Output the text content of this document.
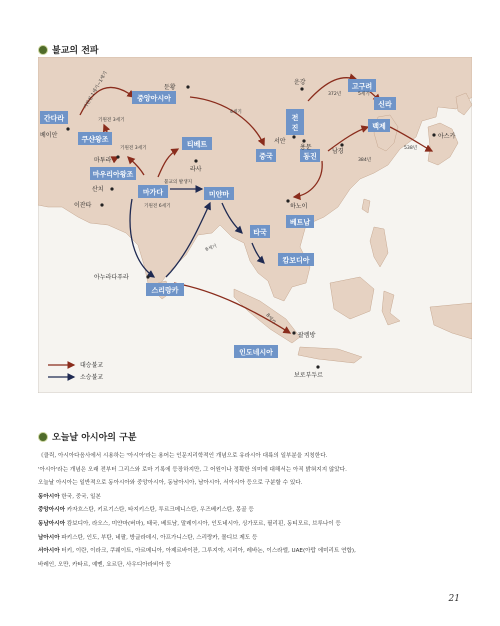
불교의 전파
중앙아시아
간다라
쿠샨왕조
마우리아왕조
티베트
마가다	미얀마
스리랑카
전
진
중국	동진
고구려
신라
백제
타국
베트남
캄보디아
인도네시아
둔황
베이안
마투라
라사
산치
이잔타
아누라다푸라
서안
운강
용문
남경
아스카
하노이
팔렘방
보로부두르
기원전 1세기~1세기
기원전 3세기
기원전 3세기
4세기
372년	5세기
384년
538년
불교의 발생지
기원전 6세기
6세기
8세기
대승불교
소승불교
오늘날 아시아의 구분

《클릭, 아시아다음사에서 시용하는 '아시아'라는 용어는 인문지리학적인 개념으로 유라시아 대륙의 일부분을 지칭한다.

'아시아'라는 개념은 오래 전부터 그리스와 로마 기록에 등장하지만, 그 어원이나 정확한 의미에 대해서는 아직 밝혀지지 않았다.

오늘날 아시아는 일반적으로 동아시아와 중앙아시아, 동남아시아, 남아시아, 서아시아 등으로 구분할 수 있다.

동아시아 한국, 중국, 일본

중앙아시아 카자흐스탄, 키르기스탄, 타지키스탄, 투르크메니스탄, 우즈베키스탄, 몽골 등

동남아시아 캄보디아, 라오스, 미얀마(버마), 태국, 베트남, 말레이시아, 인도네시아, 싱가포르, 필리핀, 동티모르, 브루나이 등

남아시아 파키스탄, 인도, 부탄, 네팔, 방글라데시, 아프가니스탄, 스리랑카, 몰디브 제도 등

서아시아 터키, 이란, 이라크, 쿠웨이트, 아르메니아, 아제르바이잔, 그루지야, 시리아, 레바논, 이스라엘, UAE(아랍 에미리트 연합),

바레인, 오만, 카타르, 예멘, 요르단, 사우디아라비아 등

21
